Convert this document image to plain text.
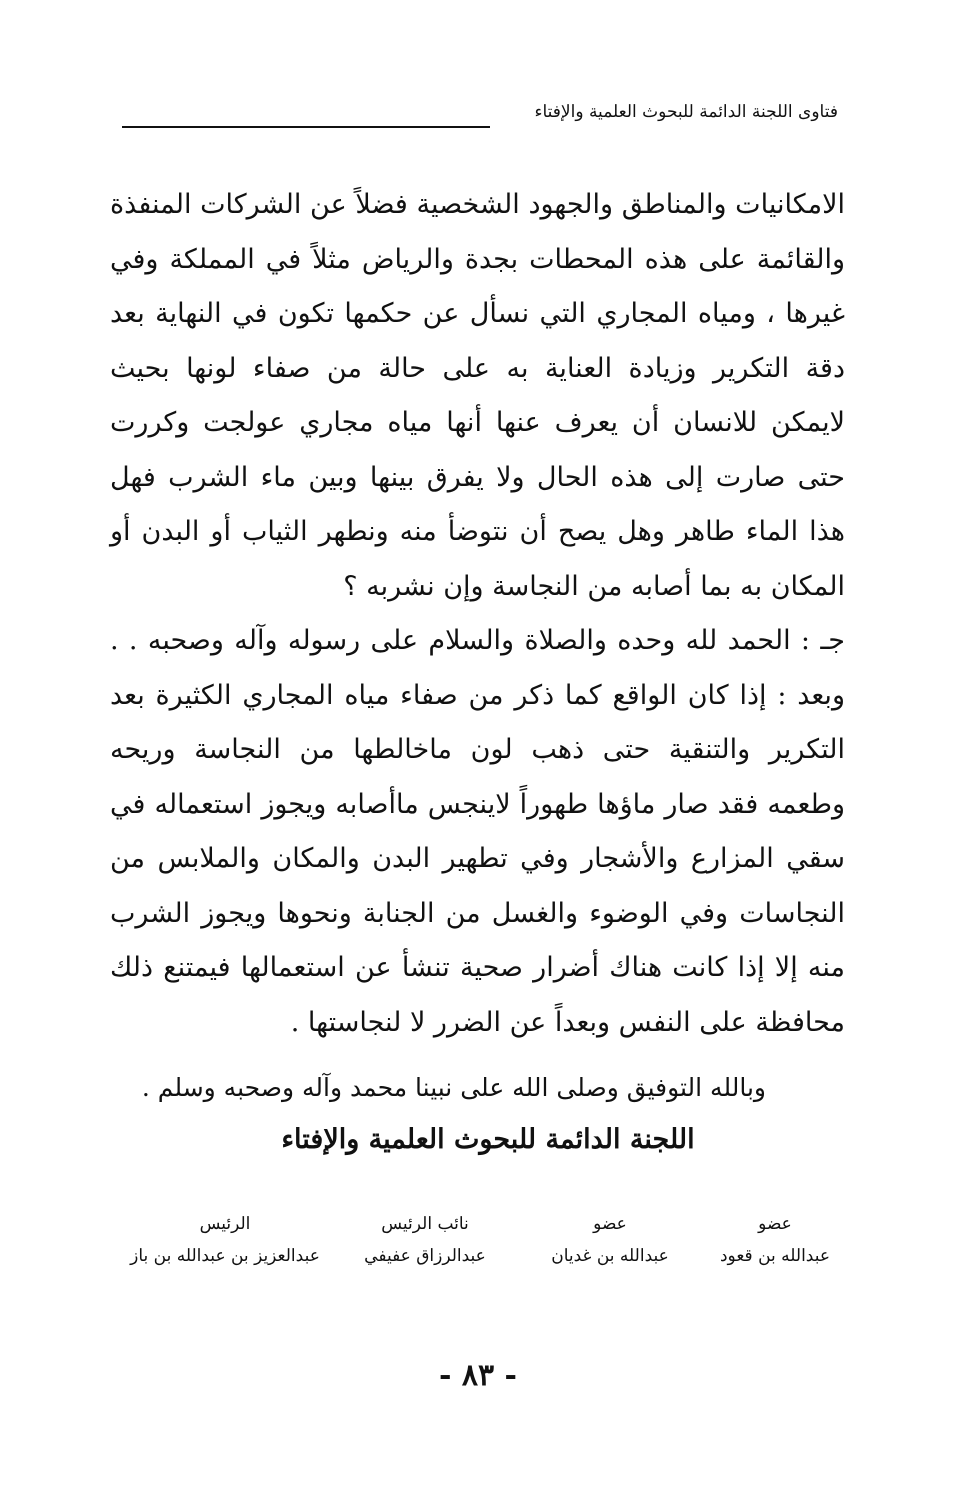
فتاوى اللجنة الدائمة للبحوث العلمية والإفتاء

الامكانيات والمناطق والجهود الشخصية فضلاً عن الشركات المنفذة والقائمة على هذه المحطات بجدة والرياض مثلاً في المملكة وفي غيرها ، ومياه المجاري التي نسأل عن حكمها تكون في النهاية بعد دقة التكرير وزيادة العناية به على حالة من صفاء لونها بحيث لايمكن للانسان أن يعرف عنها أنها مياه مجاري عولجت وكررت حتى صارت إلى هذه الحال ولا يفرق بينها وبين ماء الشرب فهل هذا الماء طاهر وهل يصح أن نتوضأ منه ونطهر الثياب أو البدن أو المكان به بما أصابه من النجاسة وإن نشربه ؟

جـ : الحمد لله وحده والصلاة والسلام على رسوله وآله وصحبه . . وبعد : إذا كان الواقع كما ذكر من صفاء مياه المجاري الكثيرة بعد التكرير والتنقية حتى ذهب لون ماخالطها من النجاسة وريحه وطعمه فقد صار ماؤها طهوراً لاينجس ماأصابه ويجوز استعماله في سقي المزارع والأشجار وفي تطهير البدن والمكان والملابس من النجاسات وفي الوضوء والغسل من الجنابة ونحوها ويجوز الشرب منه إلا إذا كانت هناك أضرار صحية تنشأ عن استعمالها فيمتنع ذلك محافظة على النفس وبعداً عن الضرر لا لنجاستها .

وبالله التوفيق وصلى الله على نبينا محمد وآله وصحبه وسلم .
اللجنة الدائمة للبحوث العلمية والإفتاء
عضو
عبدالله بن قعود
عضو
عبدالله بن غديان
نائب الرئيس
عبدالرزاق عفيفي
الرئيس
عبدالعزيز بن عبدالله بن باز
- ٨٣ -
